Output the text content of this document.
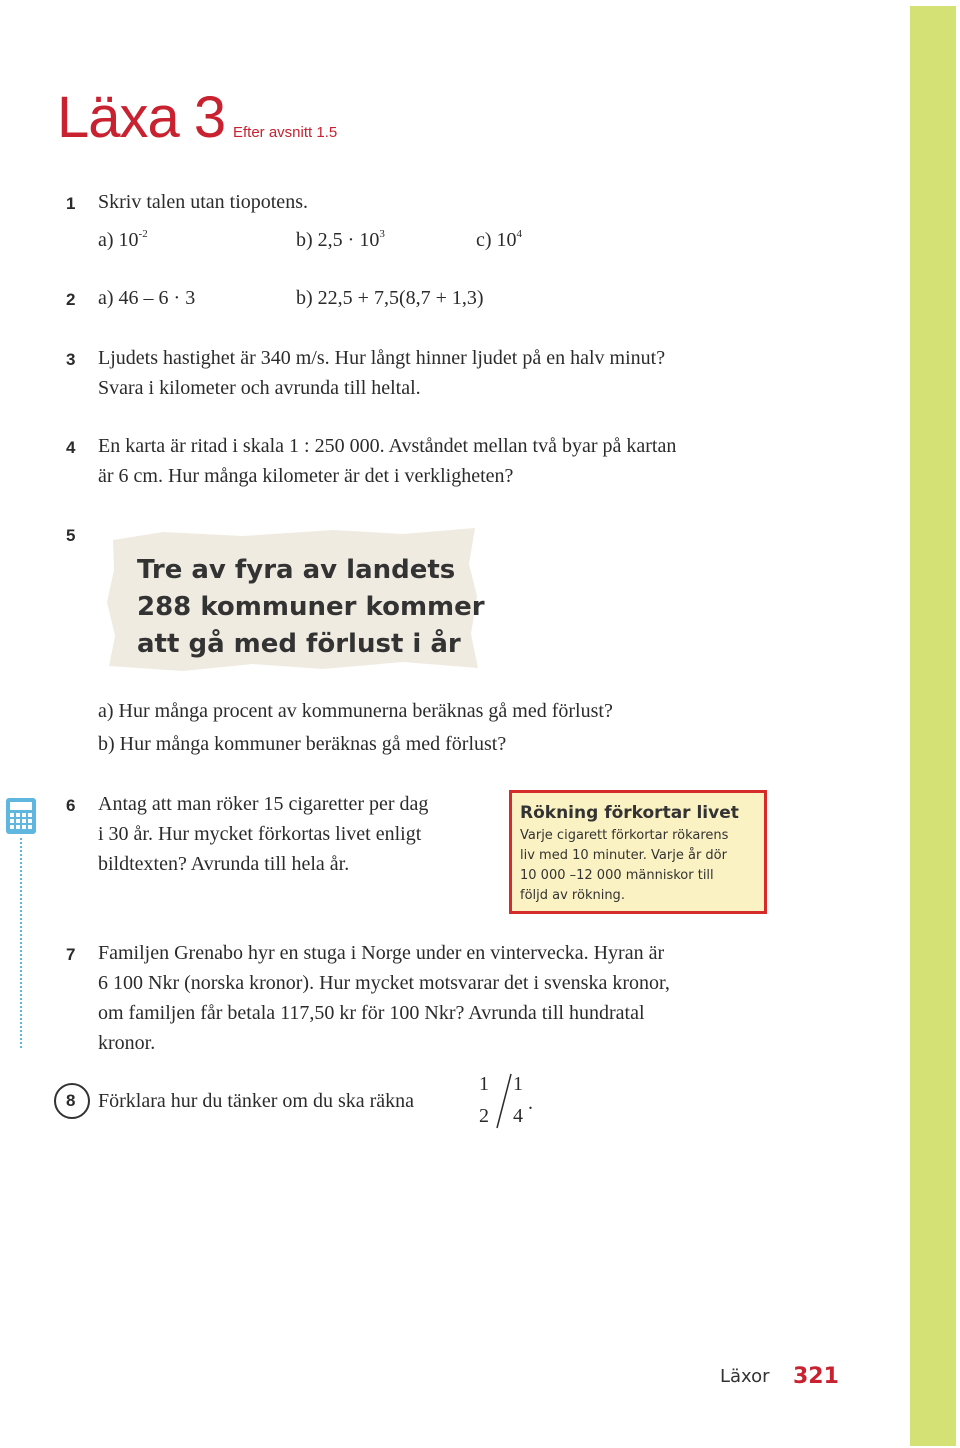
Läxa 3 Efter avsnitt 1.5
1 Skriv talen utan tiopotens.
a) $10^{-2}$	b) $2,5 \cdot 10^3$	c) $10^4$
2 a) 46 – 6 · 3	b) 22,5 + 7,5(8,7 + 1,3)
3 Ljudets hastighet är 340 m/s. Hur långt hinner ljudet på en halv minut?
Svara i kilometer och avrunda till heltal.
4 En karta är ritad i skala 1 : 250 000. Avståndet mellan två byar på kartan
är 6 cm. Hur många kilometer är det i verkligheten?
5
Tre av fyra av landets
288 kommuner kommer
att gå med förlust i år
a) Hur många procent av kommunerna beräknas gå med förlust?
b) Hur många kommuner beräknas gå med förlust?
6 Antag att man röker 15 cigaretter per dag
i 30 år. Hur mycket förkortas livet enligt
bildtexten? Avrunda till hela år.
Rökning förkortar livet
Varje cigarett förkortar rökarens
liv med 10 minuter. Varje år dör
10 000 –12 000 människor till
följd av rökning.
7 Familjen Grenabo hyr en stuga i Norge under en vintervecka. Hyran är
6 100 Nkr (norska kronor). Hur mycket motsvarar det i svenska kronor,
om familjen får betala 117,50 kr för 100 Nkr? Avrunda till hundratal
kronor.
8 Förklara hur du tänker om du ska räkna
1
2
1
4
.
Läxor 321
